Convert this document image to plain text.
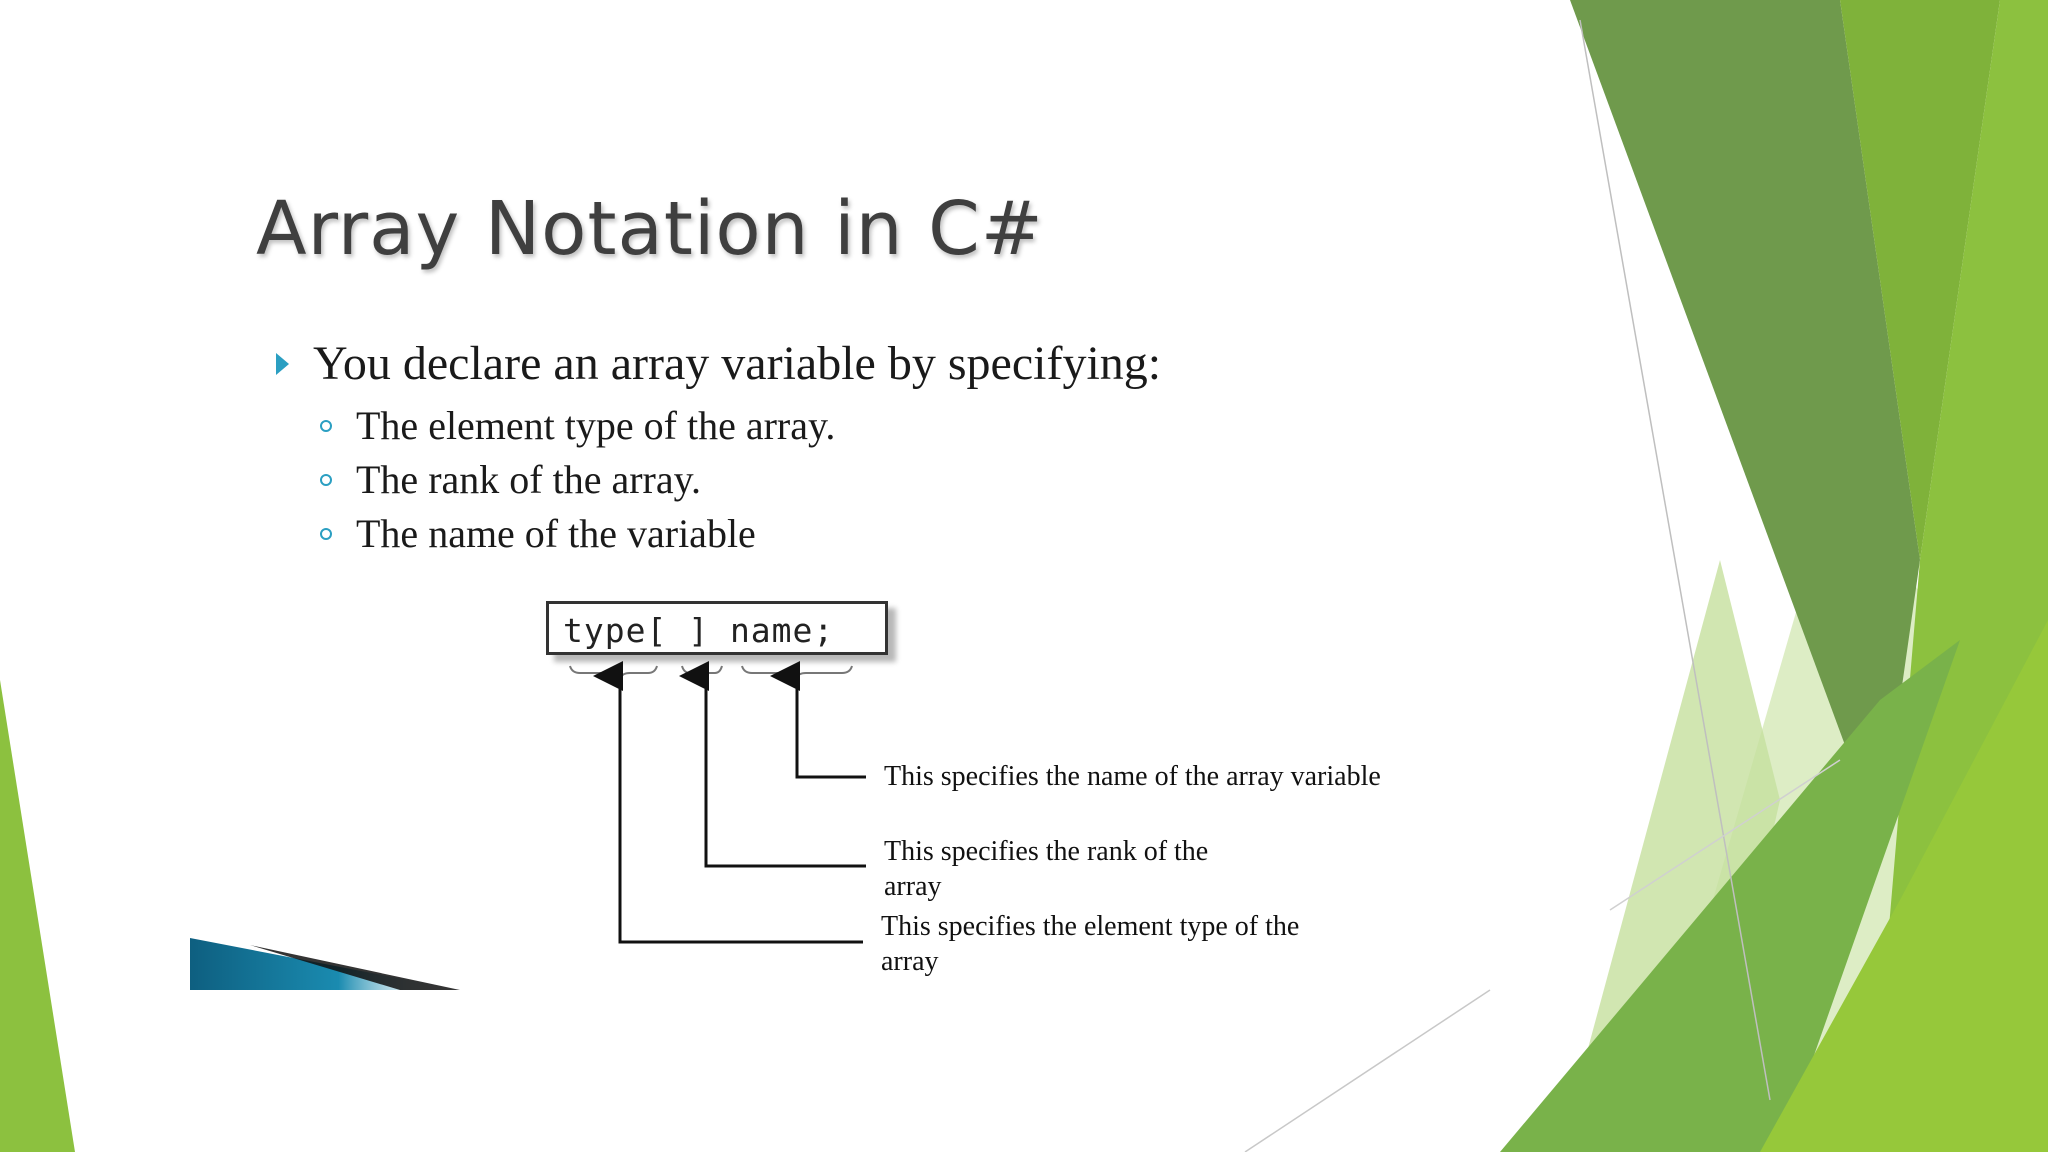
Array Notation in C#
You declare an array variable by specifying:
The element type of the array.
The rank of the array.
The name of the variable
type[ ] name;
This specifies the name of the array variable
This specifies the rank of the
array
This specifies the element type of the
array
